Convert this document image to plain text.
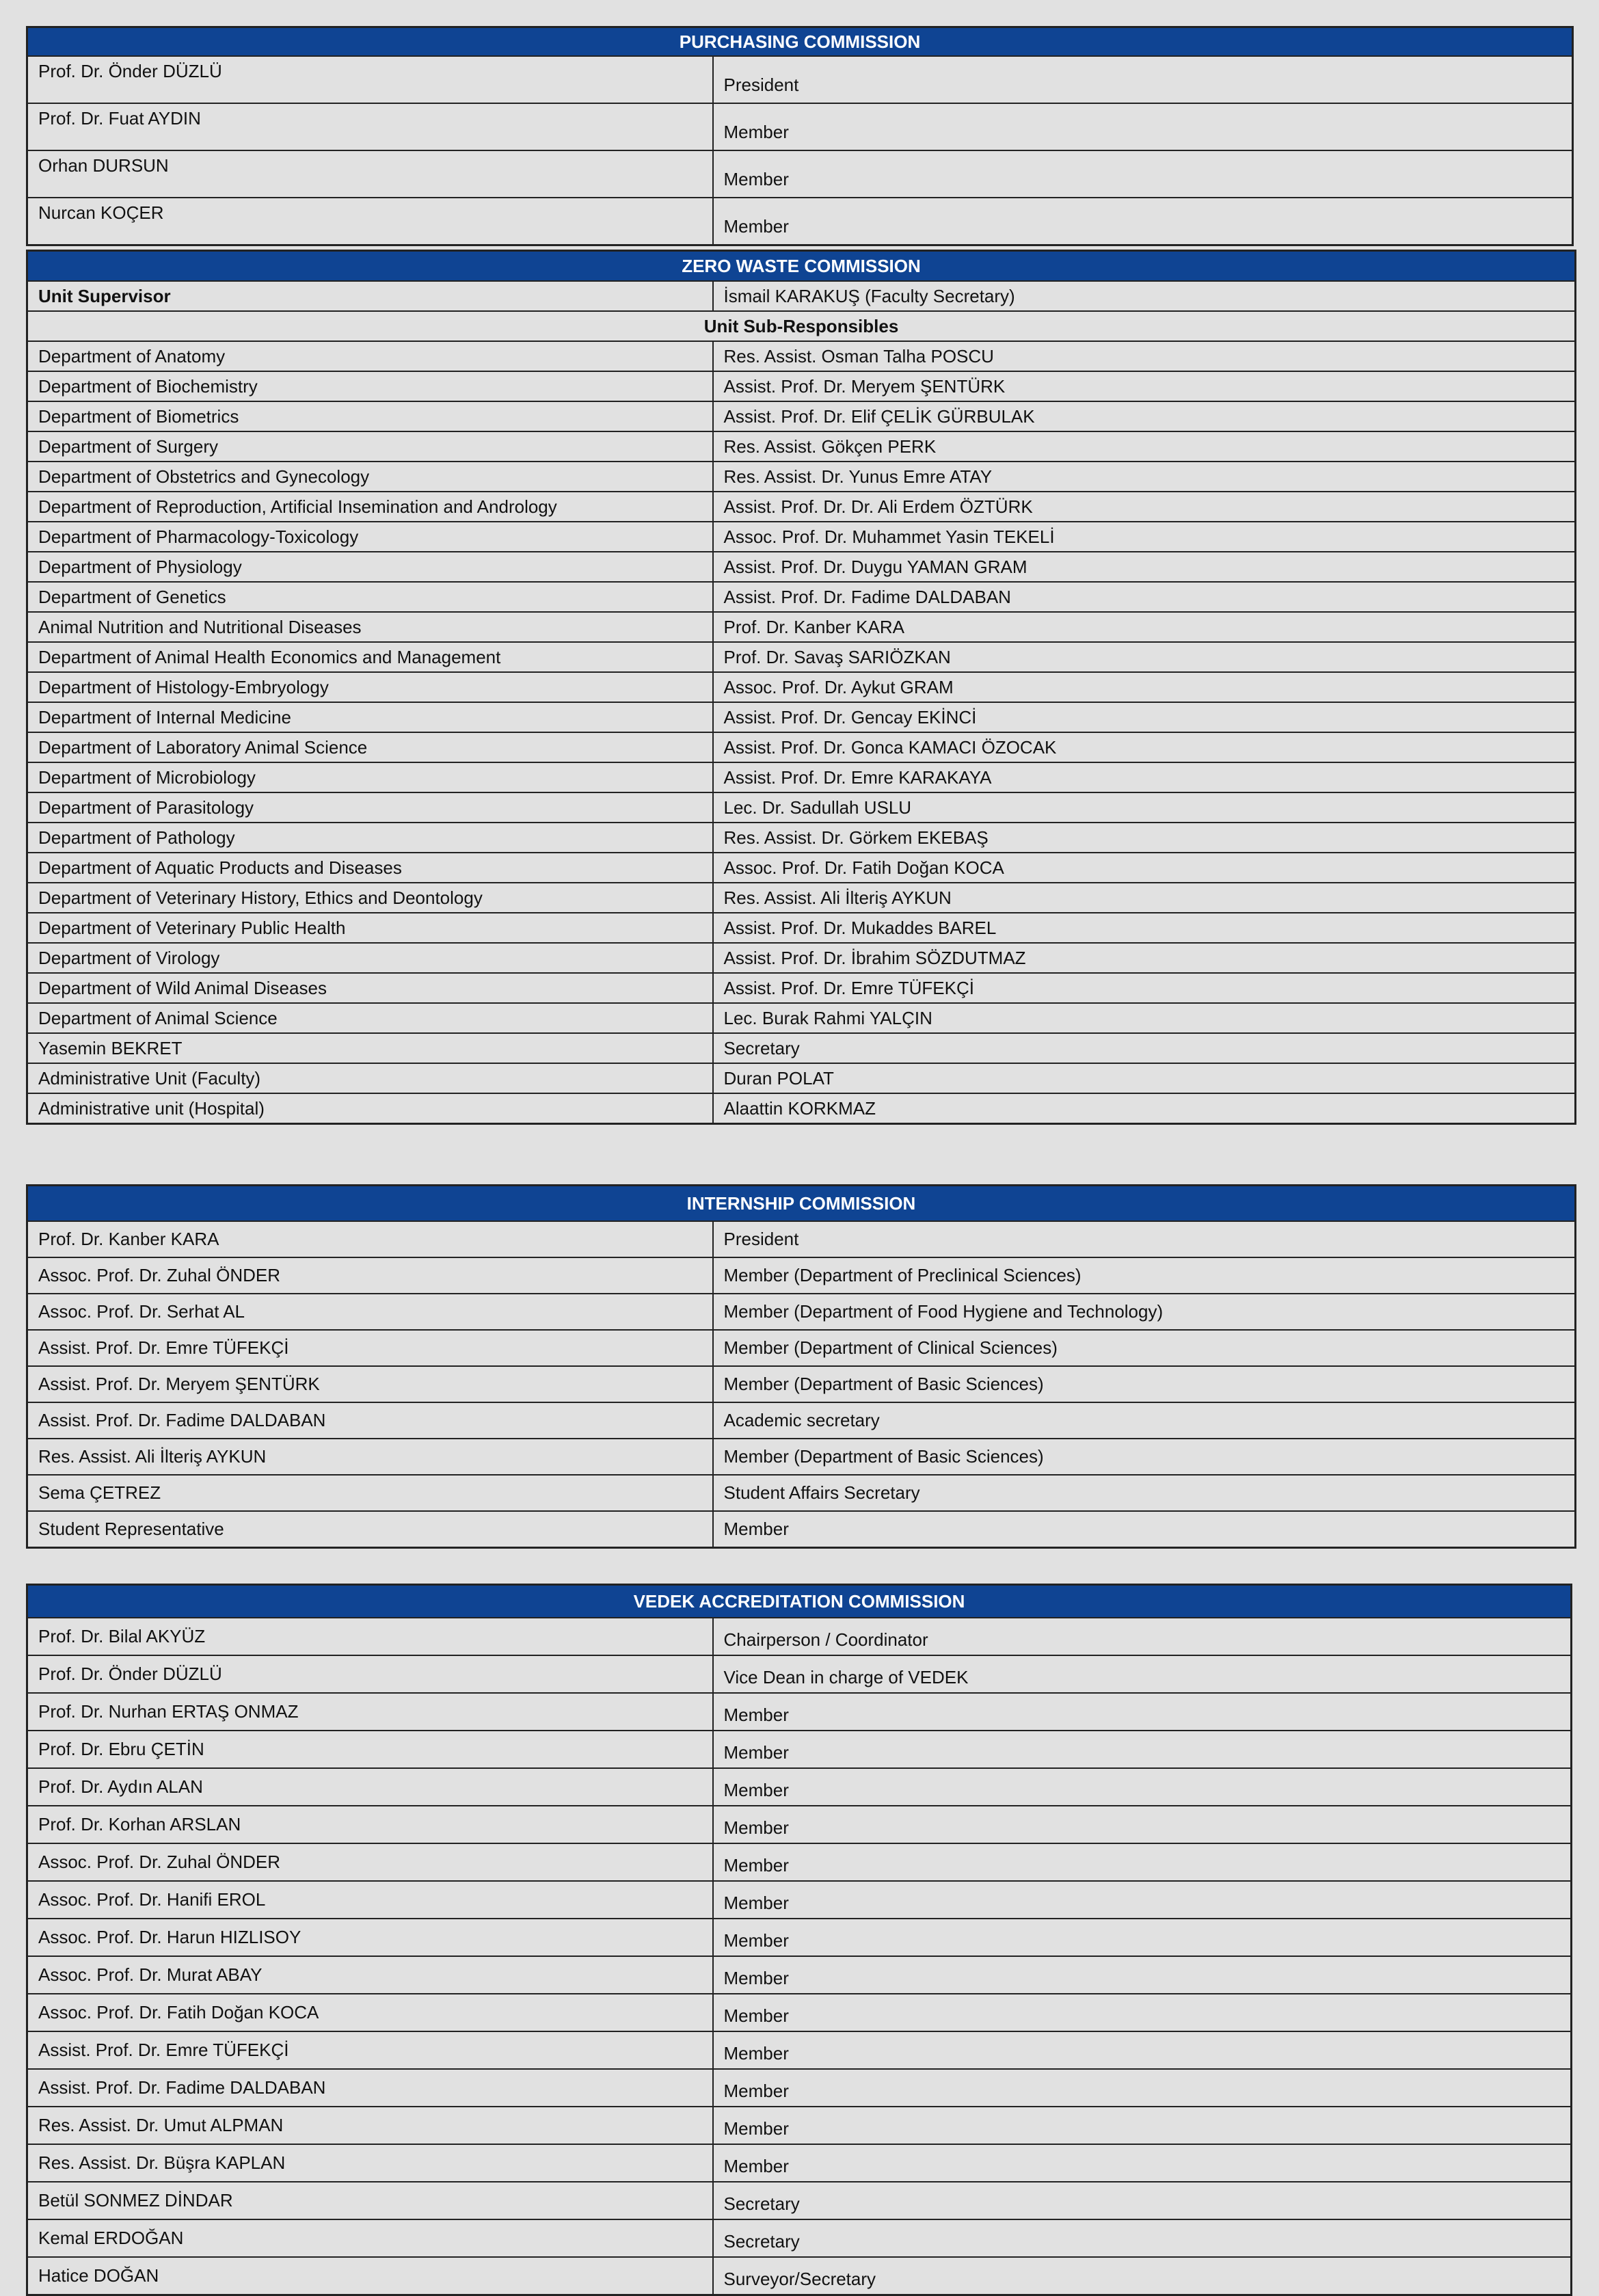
PURCHASING COMMISSION	
Prof. Dr. Önder DÜZLÜ	President
Prof. Dr. Fuat AYDIN	Member
Orhan DURSUN	Member
Nurcan KOÇER	Member
ZERO WASTE COMMISSION	
Unit Supervisor	İsmail KARAKUŞ (Faculty Secretary)
Unit Sub-Responsibles	
Department of Anatomy	Res. Assist. Osman Talha POSCU
Department of Biochemistry	Assist. Prof. Dr. Meryem ŞENTÜRK
Department of Biometrics	Assist. Prof. Dr. Elif ÇELİK GÜRBULAK
Department of Surgery	Res. Assist. Gökçen PERK
Department of Obstetrics and Gynecology	Res. Assist. Dr. Yunus Emre ATAY
Department of Reproduction, Artificial Insemination and Andrology	Assist. Prof. Dr. Dr. Ali Erdem ÖZTÜRK
Department of Pharmacology-Toxicology	Assoc. Prof. Dr. Muhammet Yasin TEKELİ
Department of Physiology	Assist. Prof. Dr. Duygu YAMAN GRAM
Department of Genetics	Assist. Prof. Dr. Fadime DALDABAN
Animal Nutrition and Nutritional Diseases	Prof. Dr. Kanber KARA
Department of Animal Health Economics and Management	Prof. Dr. Savaş SARIÖZKAN
Department of Histology-Embryology	Assoc. Prof. Dr. Aykut GRAM
Department of Internal Medicine	Assist. Prof. Dr. Gencay EKİNCİ
Department of Laboratory Animal Science	Assist. Prof. Dr. Gonca KAMACI ÖZOCAK
Department of Microbiology	Assist. Prof. Dr. Emre KARAKAYA
Department of Parasitology	Lec. Dr. Sadullah USLU
Department of Pathology	Res. Assist. Dr. Görkem EKEBAŞ
Department of Aquatic Products and Diseases	Assoc. Prof. Dr. Fatih Doğan KOCA
Department of Veterinary History, Ethics and Deontology	Res. Assist. Ali İlteriş AYKUN
Department of Veterinary Public Health	Assist. Prof. Dr. Mukaddes BAREL
Department of Virology	Assist. Prof. Dr. İbrahim SÖZDUTMAZ
Department of Wild Animal Diseases	Assist. Prof. Dr. Emre TÜFEKÇİ
Department of Animal Science	Lec. Burak Rahmi YALÇIN
Yasemin BEKRET	Secretary
Administrative Unit (Faculty)	Duran POLAT
Administrative unit (Hospital)	Alaattin KORKMAZ
INTERNSHIP COMMISSION	
Prof. Dr. Kanber KARA	President
Assoc. Prof. Dr. Zuhal ÖNDER	Member (Department of Preclinical Sciences)
Assoc. Prof. Dr. Serhat AL	Member (Department of Food Hygiene and Technology)
Assist. Prof. Dr. Emre TÜFEKÇİ	Member (Department of Clinical Sciences)
Assist. Prof. Dr. Meryem ŞENTÜRK	Member (Department of Basic Sciences)
Assist. Prof. Dr. Fadime DALDABAN	Academic secretary
Res. Assist. Ali İlteriş AYKUN	Member (Department of Basic Sciences)
Sema ÇETREZ	Student Affairs Secretary
Student Representative	Member
VEDEK ACCREDITATION COMMISSION	
Prof. Dr. Bilal AKYÜZ	Chairperson / Coordinator
Prof. Dr. Önder DÜZLÜ	Vice Dean in charge of VEDEK
Prof. Dr. Nurhan ERTAŞ ONMAZ	Member
Prof. Dr. Ebru ÇETİN	Member
Prof. Dr. Aydın ALAN	Member
Prof. Dr. Korhan ARSLAN	Member
Assoc. Prof. Dr. Zuhal ÖNDER	Member
Assoc. Prof. Dr. Hanifi EROL	Member
Assoc. Prof. Dr. Harun HIZLISOY	Member
Assoc. Prof. Dr. Murat ABAY	Member
Assoc. Prof. Dr. Fatih Doğan KOCA	Member
Assist. Prof. Dr. Emre TÜFEKÇİ	Member
Assist. Prof. Dr. Fadime DALDABAN	Member
Res. Assist. Dr. Umut ALPMAN	Member
Res. Assist. Dr. Büşra KAPLAN	Member
Betül SONMEZ DİNDAR	Secretary
Kemal ERDOĞAN	Secretary
Hatice DOĞAN	Surveyor/Secretary
